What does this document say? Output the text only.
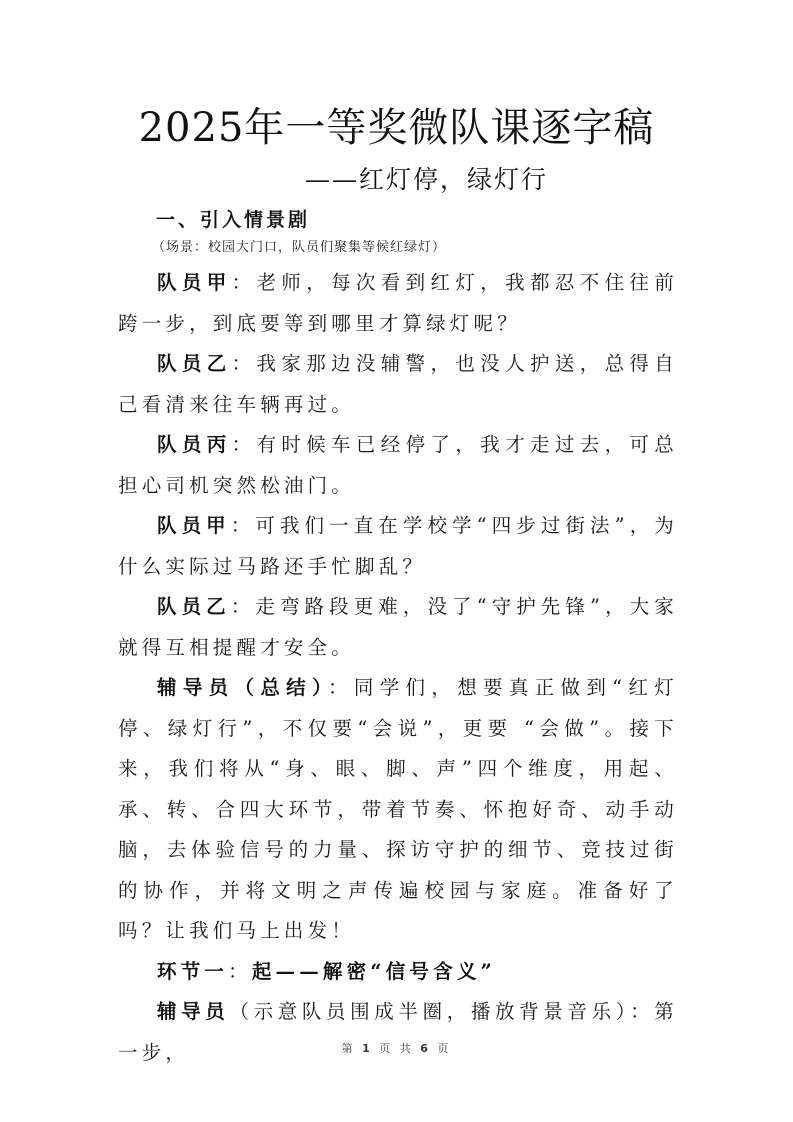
2025年一等奖微队课逐字稿
——红灯停，绿灯行
一、引入情景剧
（场景：校园大门口，队员们聚集等候红绿灯）

队员甲：老师，每次看到红灯，我都忍不住往前跨一步，到底要等到哪里才算绿灯呢？

队员乙：我家那边没辅警，也没人护送，总得自己看清来往车辆再过。

队员丙：有时候车已经停了，我才走过去，可总担心司机突然松油门。

队员甲：可我们一直在学校学“四步过街法”，为什么实际过马路还手忙脚乱？

队员乙：走弯路段更难，没了“守护先锋”，大家就得互相提醒才安全。

辅导员（总结）：同学们，想要真正做到“红灯停、绿灯行”，不仅要“会说”，更要 “会做”。接下来，我们将从“身、眼、脚、声”四个维度，用起、承、转、合四大环节，带着节奏、怀抱好奇、动手动脑，去体验信号的力量、探访守护的细节、竞技过街的协作，并将文明之声传遍校园与家庭。准备好了吗？让我们马上出发！

环节一：起——解密“信号含义”

辅导员（示意队员围成半圈，播放背景音乐）：第一步，	第 1 页 共 6 页
